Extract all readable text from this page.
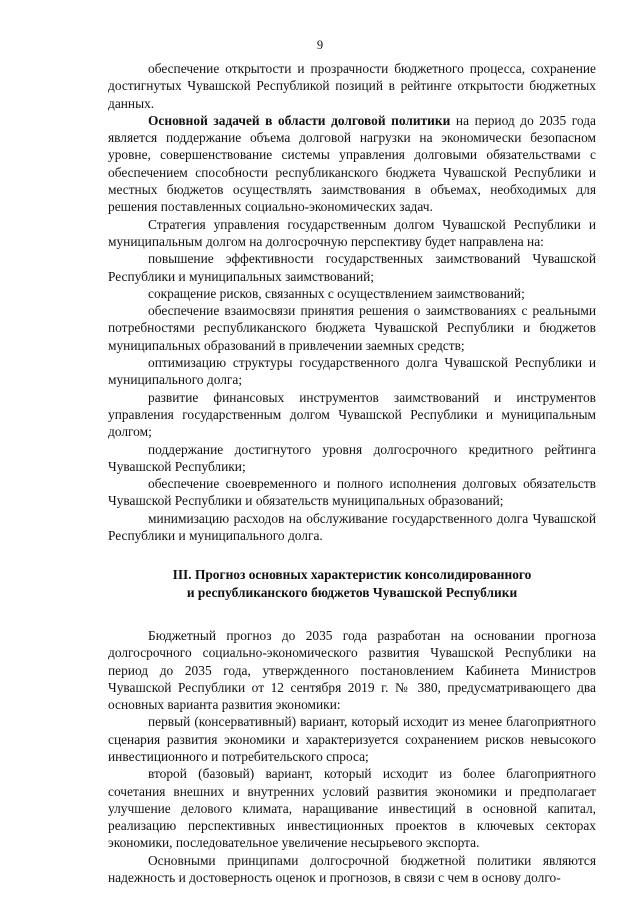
9

обеспечение открытости и прозрачности бюджетного процесса, сохранение достигнутых Чувашской Республикой позиций в рейтинге открытости бюджетных данных.

Основной задачей в области долговой политики на период до 2035 года является поддержание объема долговой нагрузки на экономически безопасном уровне, совершенствование системы управления долговыми обязательствами с обеспечением способности республиканского бюджета Чувашской Республики и местных бюджетов осуществлять заимствования в объемах, необходимых для решения поставленных социально-экономических задач.

Стратегия управления государственным долгом Чувашской Республики и муниципальным долгом на долгосрочную перспективу будет направлена на:

повышение эффективности государственных заимствований Чувашской Республики и муниципальных заимствований;

сокращение рисков, связанных с осуществлением заимствований;

обеспечение взаимосвязи принятия решения о заимствованиях с реальными потребностями республиканского бюджета Чувашской Республики и бюджетов муниципальных образований в привлечении заемных средств;

оптимизацию структуры государственного долга Чувашской Республики и муниципального долга;

развитие финансовых инструментов заимствований и инструментов управления государственным долгом Чувашской Республики и муниципальным долгом;

поддержание достигнутого уровня долгосрочного кредитного рейтинга Чувашской Республики;

обеспечение своевременного и полного исполнения долговых обязательств Чувашской Республики и обязательств муниципальных образований;

минимизацию расходов на обслуживание государственного долга Чувашской Республики и муниципального долга.

III. Прогноз основных характеристик консолидированного
и республиканского бюджетов Чувашской Республики

Бюджетный прогноз до 2035 года разработан на основании прогноза долгосрочного социально-экономического развития Чувашской Республики на период до 2035 года, утвержденного постановлением Кабинета Министров Чувашской Республики от 12 сентября 2019 г. № 380, предусматривающего два основных варианта развития экономики:

первый (консервативный) вариант, который исходит из менее благоприятного сценария развития экономики и характеризуется сохранением рисков невысокого инвестиционного и потребительского спроса;

второй (базовый) вариант, который исходит из более благоприятного сочетания внешних и внутренних условий развития экономики и предполагает улучшение делового климата, наращивание инвестиций в основной капитал, реализацию перспективных инвестиционных проектов в ключевых секторах экономики, последовательное увеличение несырьевого экспорта.

Основными принципами долгосрочной бюджетной политики являются надежность и достоверность оценок и прогнозов, в связи с чем в основу долго-
